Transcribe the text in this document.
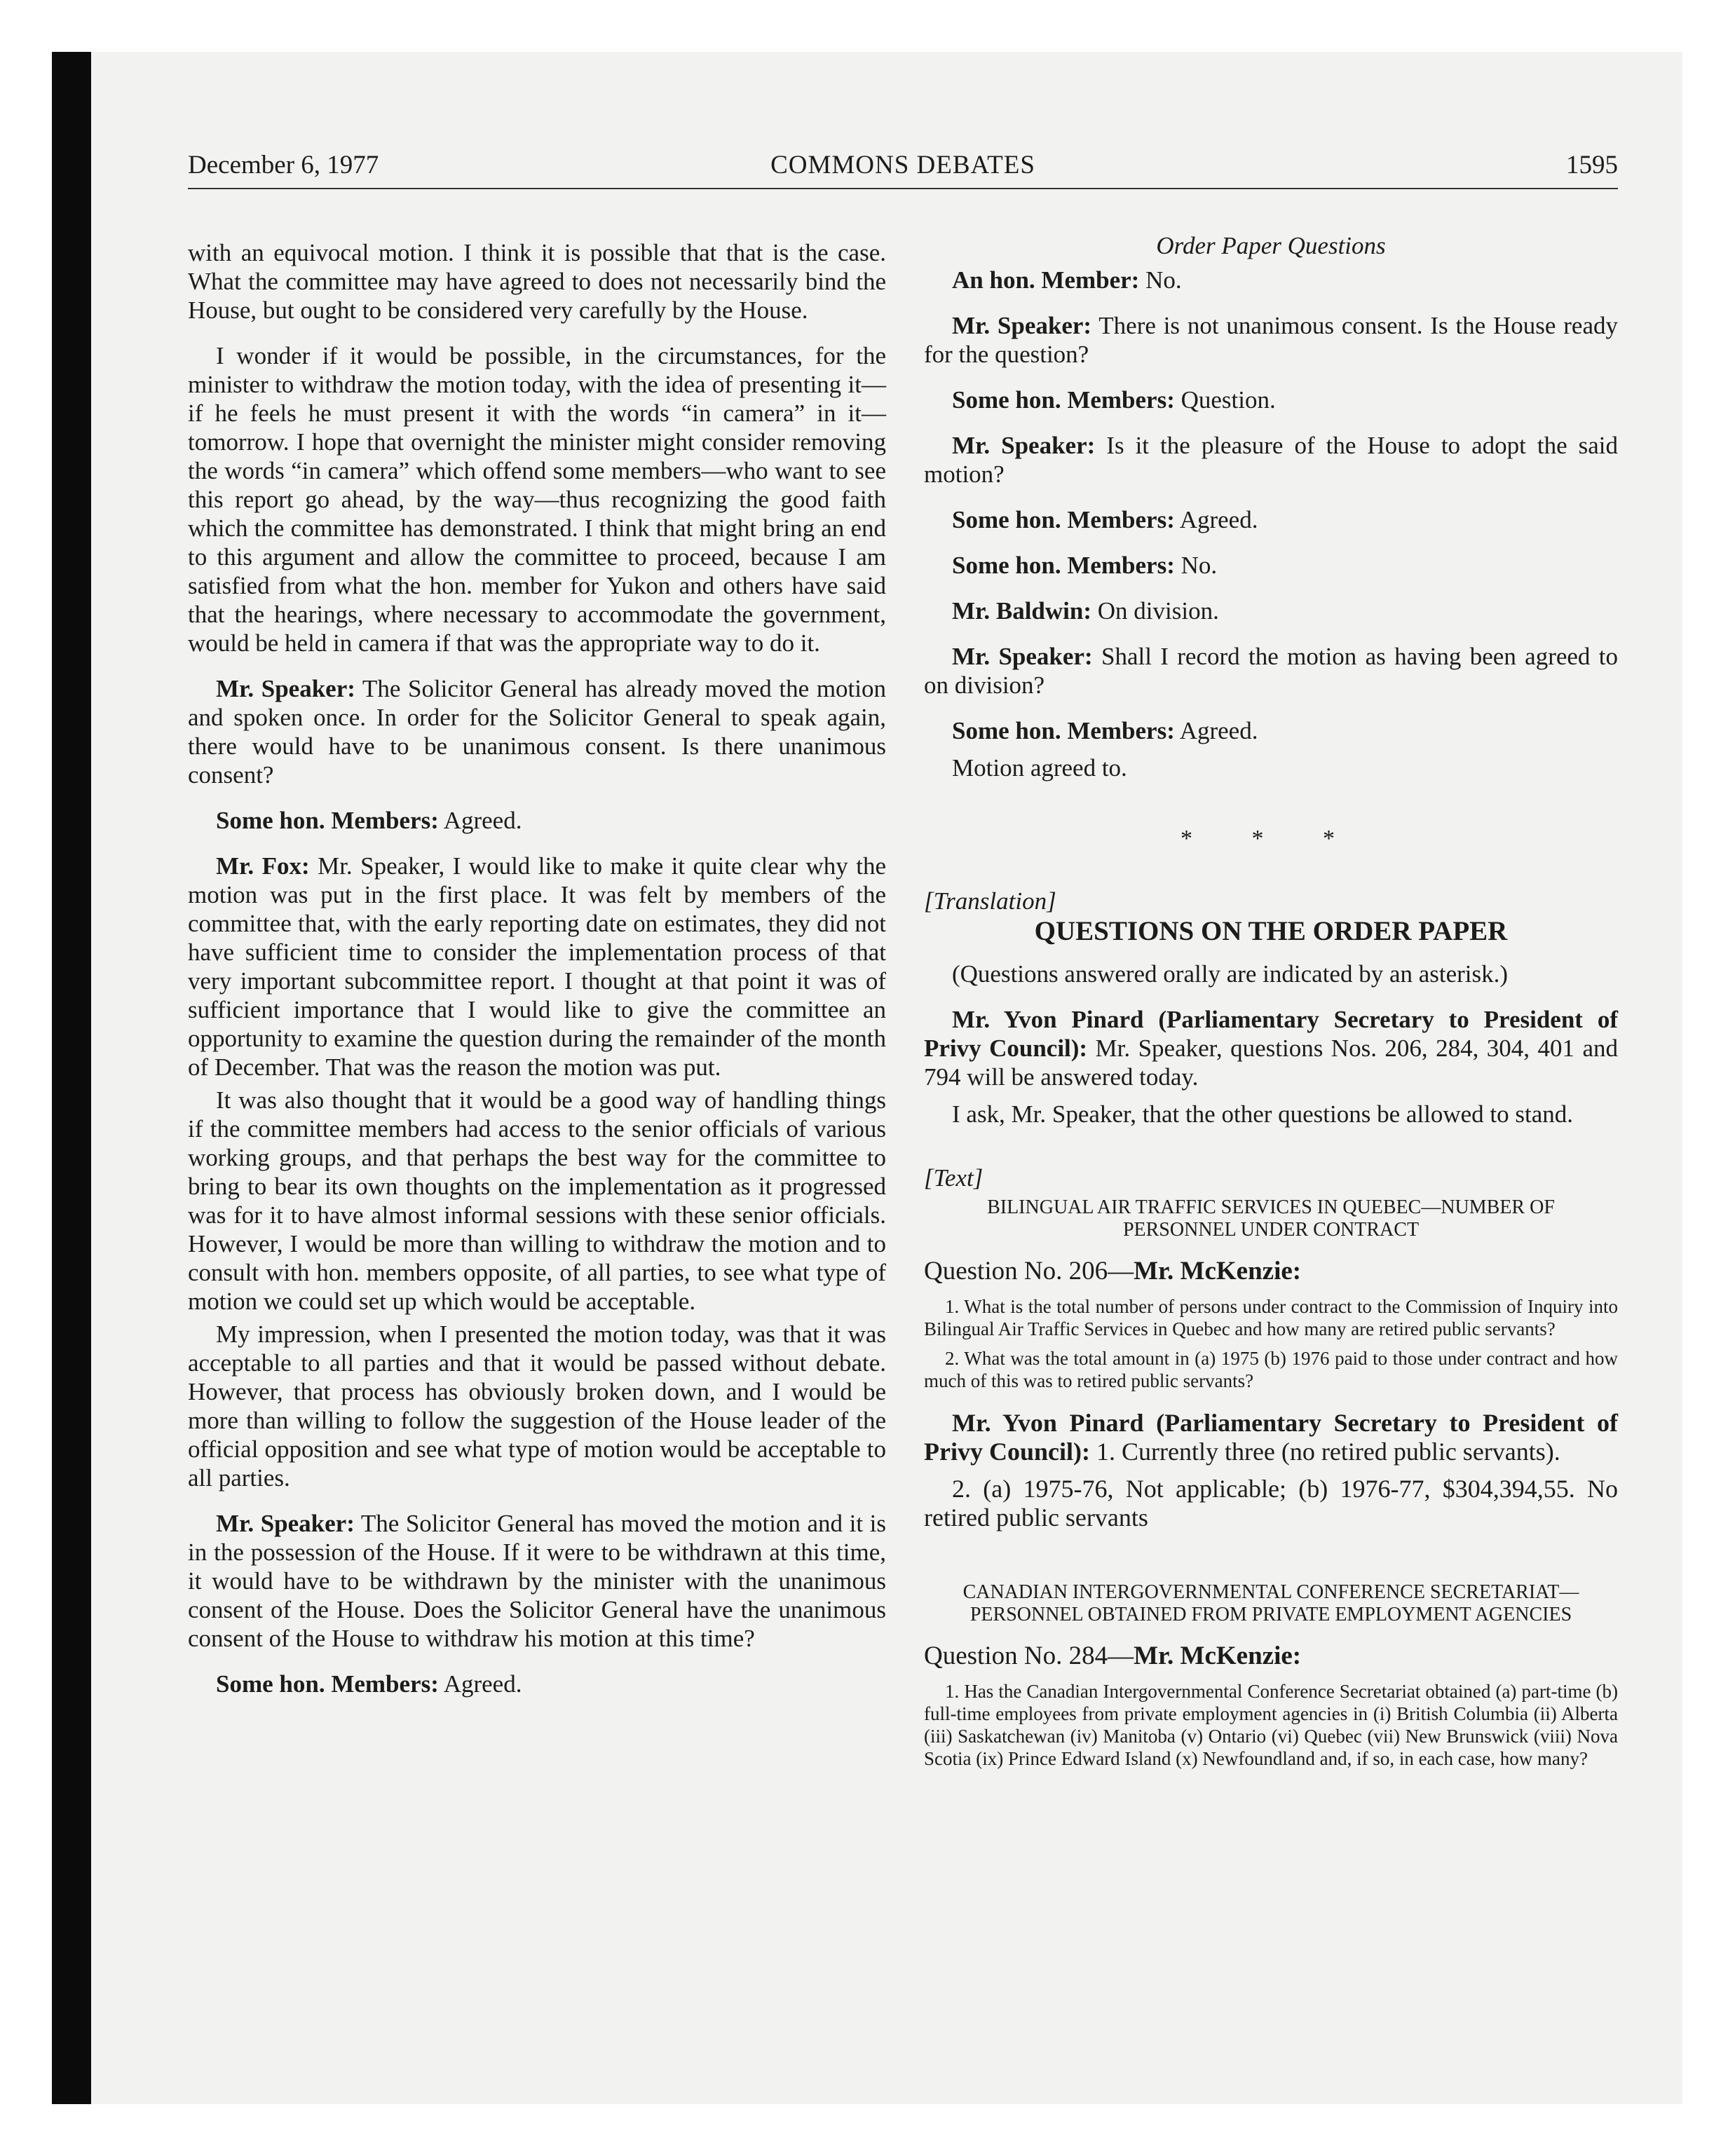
December 6, 1977	COMMONS DEBATES	1595

with an equivocal motion. I think it is possible that that is the case. What the committee may have agreed to does not necessarily bind the House, but ought to be considered very carefully by the House.

I wonder if it would be possible, in the circumstances, for the minister to withdraw the motion today, with the idea of presenting it—if he feels he must present it with the words “in camera” in it—tomorrow. I hope that overnight the minister might consider removing the words “in camera” which offend some members—who want to see this report go ahead, by the way—thus recognizing the good faith which the committee has demonstrated. I think that might bring an end to this argument and allow the committee to proceed, because I am satisfied from what the hon. member for Yukon and others have said that the hearings, where necessary to accommodate the government, would be held in camera if that was the appropriate way to do it.

Mr. Speaker: The Solicitor General has already moved the motion and spoken once. In order for the Solicitor General to speak again, there would have to be unanimous consent. Is there unanimous consent?

Some hon. Members: Agreed.

Mr. Fox: Mr. Speaker, I would like to make it quite clear why the motion was put in the first place. It was felt by members of the committee that, with the early reporting date on estimates, they did not have sufficient time to consider the implementation process of that very important subcommittee report. I thought at that point it was of sufficient importance that I would like to give the committee an opportunity to examine the question during the remainder of the month of December. That was the reason the motion was put.

It was also thought that it would be a good way of handling things if the committee members had access to the senior officials of various working groups, and that perhaps the best way for the committee to bring to bear its own thoughts on the implementation as it progressed was for it to have almost informal sessions with these senior officials. However, I would be more than willing to withdraw the motion and to consult with hon. members opposite, of all parties, to see what type of motion we could set up which would be acceptable.

My impression, when I presented the motion today, was that it was acceptable to all parties and that it would be passed without debate. However, that process has obviously broken down, and I would be more than willing to follow the suggestion of the House leader of the official opposition and see what type of motion would be acceptable to all parties.

Mr. Speaker: The Solicitor General has moved the motion and it is in the possession of the House. If it were to be withdrawn at this time, it would have to be withdrawn by the minister with the unanimous consent of the House. Does the Solicitor General have the unanimous consent of the House to withdraw his motion at this time?

Some hon. Members: Agreed.

Order Paper Questions

An hon. Member: No.

Mr. Speaker: There is not unanimous consent. Is the House ready for the question?

Some hon. Members: Question.

Mr. Speaker: Is it the pleasure of the House to adopt the said motion?

Some hon. Members: Agreed.

Some hon. Members: No.

Mr. Baldwin: On division.

Mr. Speaker: Shall I record the motion as having been agreed to on division?

Some hon. Members: Agreed.

Motion agreed to.

* * *
[Translation]
QUESTIONS ON THE ORDER PAPER

(Questions answered orally are indicated by an asterisk.)

Mr. Yvon Pinard (Parliamentary Secretary to President of Privy Council): Mr. Speaker, questions Nos. 206, 284, 304, 401 and 794 will be answered today.

I ask, Mr. Speaker, that the other questions be allowed to stand.

[Text]
BILINGUAL AIR TRAFFIC SERVICES IN QUEBEC—NUMBER OF PERSONNEL UNDER CONTRACT
Question No. 206—Mr. McKenzie:

1. What is the total number of persons under contract to the Commission of Inquiry into Bilingual Air Traffic Services in Quebec and how many are retired public servants?

2. What was the total amount in (a) 1975 (b) 1976 paid to those under contract and how much of this was to retired public servants?

Mr. Yvon Pinard (Parliamentary Secretary to President of Privy Council): 1. Currently three (no retired public servants).

2. (a) 1975-76, Not applicable; (b) 1976-77, $304,394,55. No retired public servants

CANADIAN INTERGOVERNMENTAL CONFERENCE SECRETARIAT—PERSONNEL OBTAINED FROM PRIVATE EMPLOYMENT AGENCIES
Question No. 284—Mr. McKenzie:

1. Has the Canadian Intergovernmental Conference Secretariat obtained (a) part-time (b) full-time employees from private employment agencies in (i) British Columbia (ii) Alberta (iii) Saskatchewan (iv) Manitoba (v) Ontario (vi) Quebec (vii) New Brunswick (viii) Nova Scotia (ix) Prince Edward Island (x) Newfoundland and, if so, in each case, how many?
